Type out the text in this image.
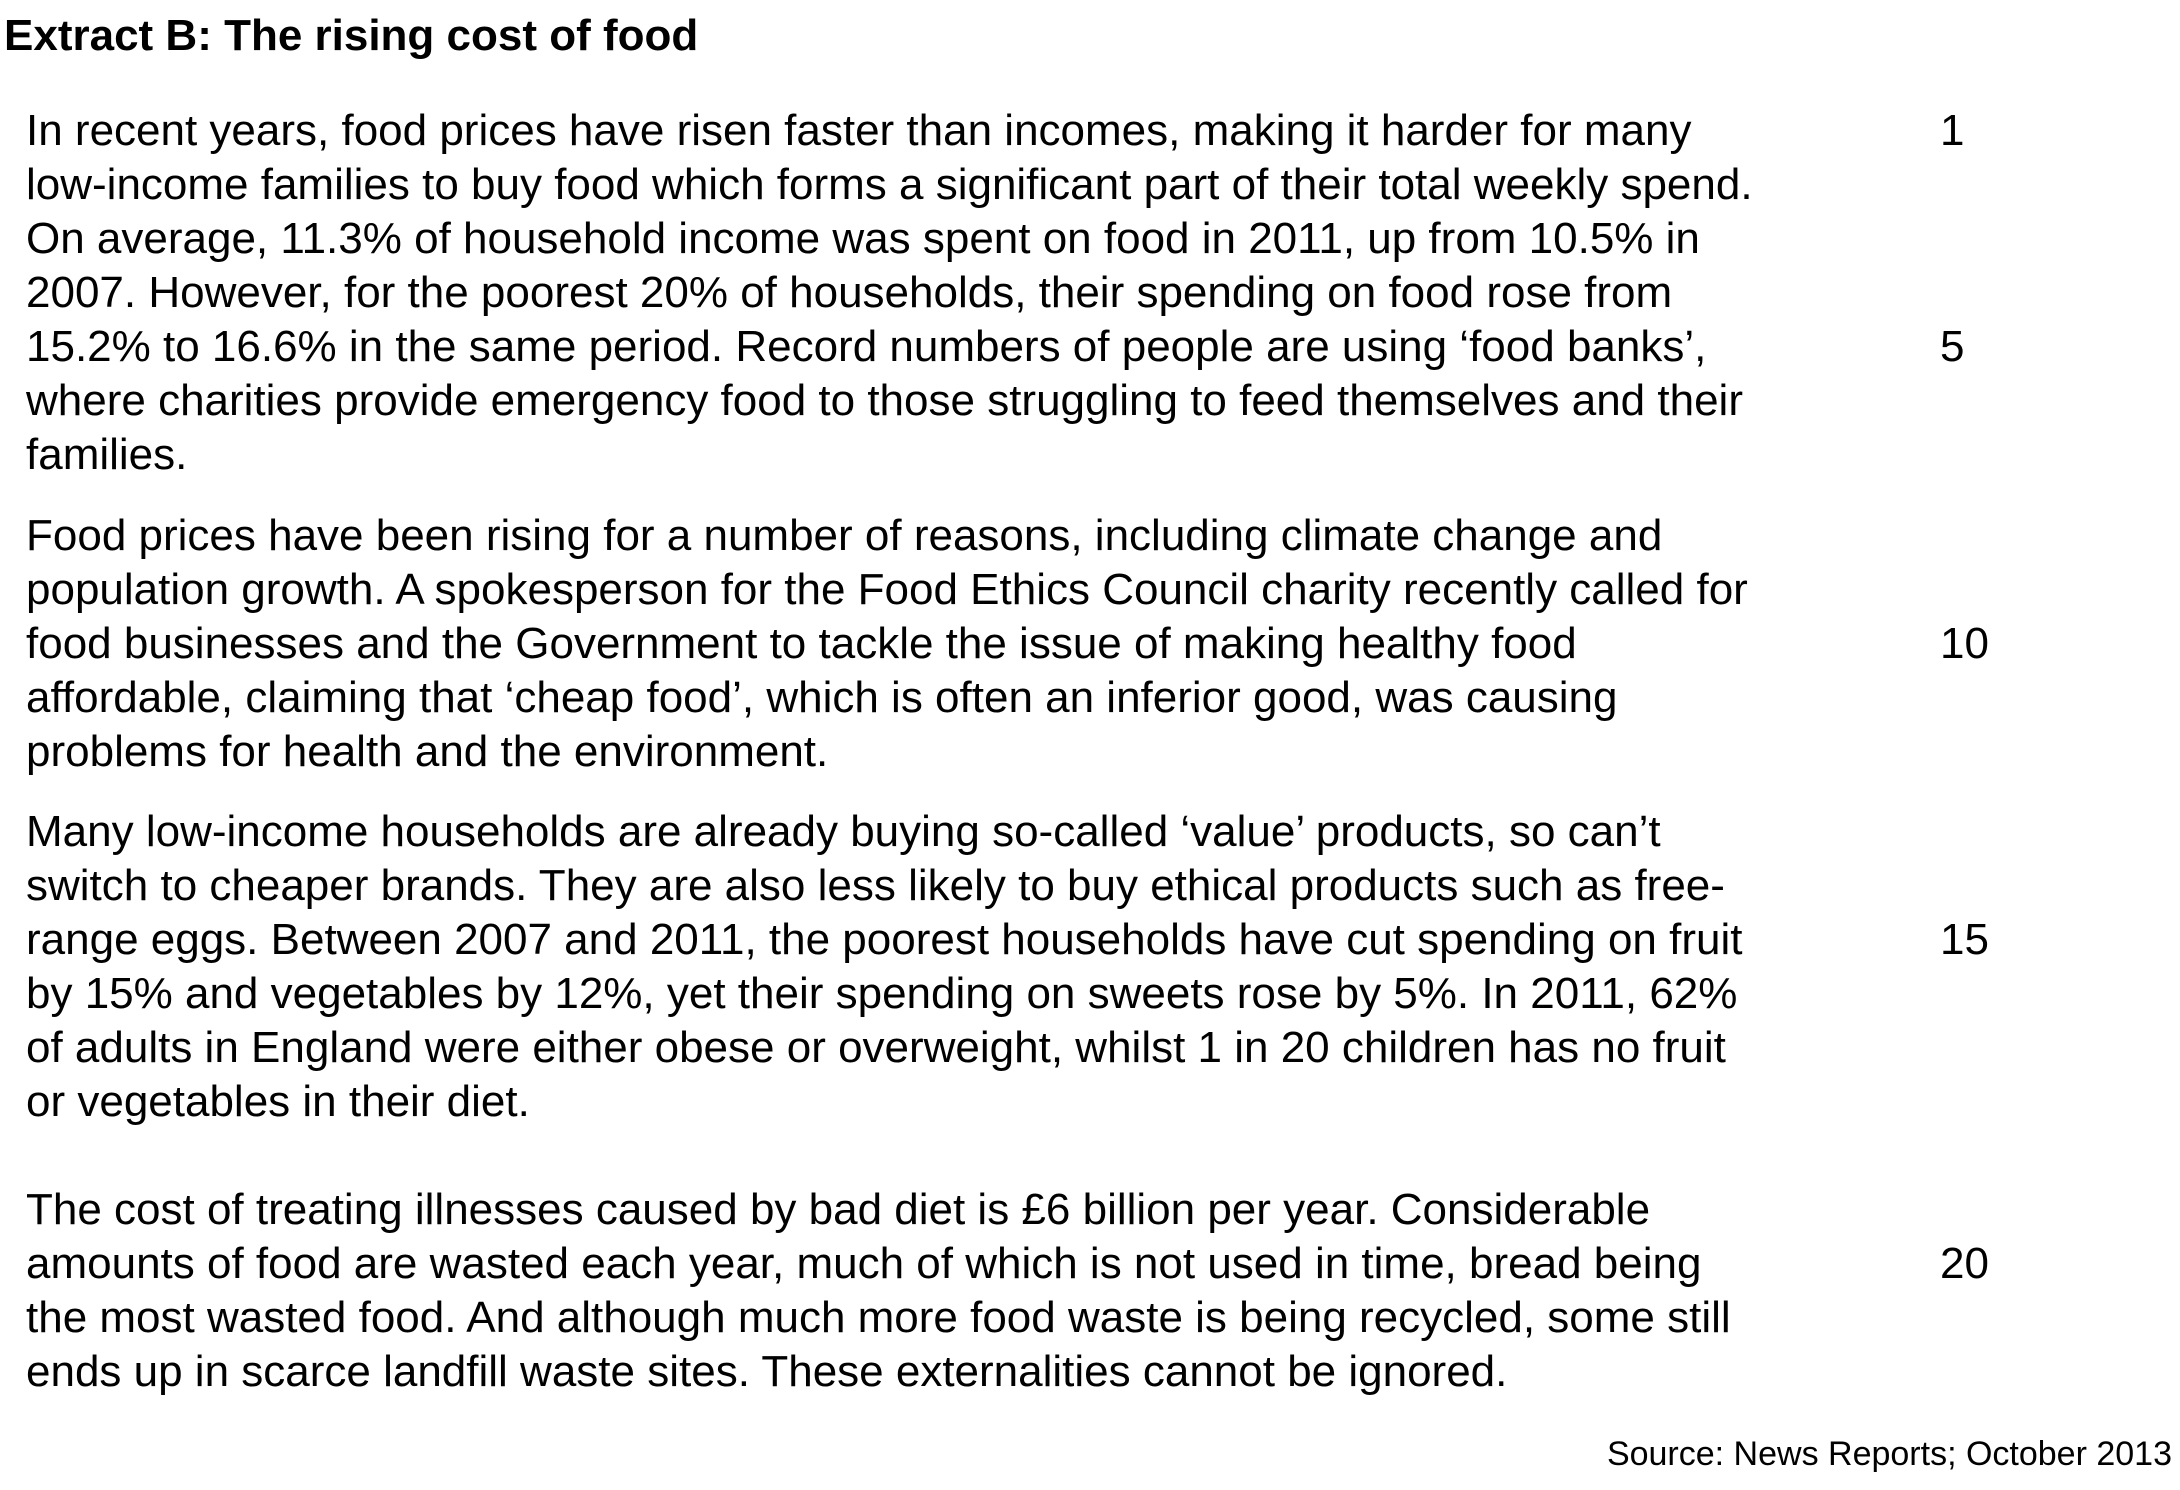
Extract B: The rising cost of food
In recent years, food prices have risen faster than incomes, making it harder for many
low-income families to buy food which forms a significant part of their total weekly spend.
On average, 11.3% of household income was spent on food in 2011, up from 10.5% in
2007. However, for the poorest 20% of households, their spending on food rose from
15.2% to 16.6% in the same period. Record numbers of people are using ‘food banks’,
where charities provide emergency food to those struggling to feed themselves and their
families.
Food prices have been rising for a number of reasons, including climate change and
population growth. A spokesperson for the Food Ethics Council charity recently called for
food businesses and the Government to tackle the issue of making healthy food
affordable, claiming that ‘cheap food’, which is often an inferior good, was causing
problems for health and the environment.
Many low-income households are already buying so-called ‘value’ products, so can’t
switch to cheaper brands. They are also less likely to buy ethical products such as free-
range eggs. Between 2007 and 2011, the poorest households have cut spending on fruit
by 15% and vegetables by 12%, yet their spending on sweets rose by 5%. In 2011, 62%
of adults in England were either obese or overweight, whilst 1 in 20 children has no fruit
or vegetables in their diet.
The cost of treating illnesses caused by bad diet is £6 billion per year. Considerable
amounts of food are wasted each year, much of which is not used in time, bread being
the most wasted food. And although much more food waste is being recycled, some still
ends up in scarce landfill waste sites. These externalities cannot be ignored.
1
5
10
15
20
Source: News Reports; October 2013
